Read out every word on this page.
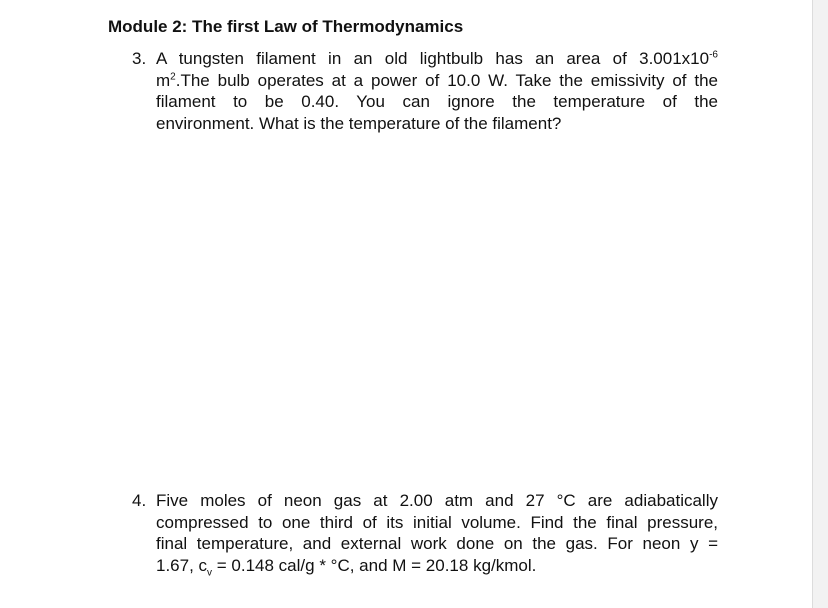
Module 2: The first Law of Thermodynamics
3. A tungsten filament in an old lightbulb has an area of $3.001x10^{-6}$
$m^2.The$ bulb operates at a power of 10.0 W. Take the emissivity of the
filament to be 0.40. You can ignore the temperature of the
environment. What is the temperature of the filament?
4. Five moles of neon gas at 2.00 atm and 27 °C are adiabatically
compressed to one third of its initial volume. Find the final pressure,
final temperature, and external work done on the gas. For neon y =
1.67, $c_v = 0.148$ cal/g * °C, and M = 20.18 kg/kmol.
